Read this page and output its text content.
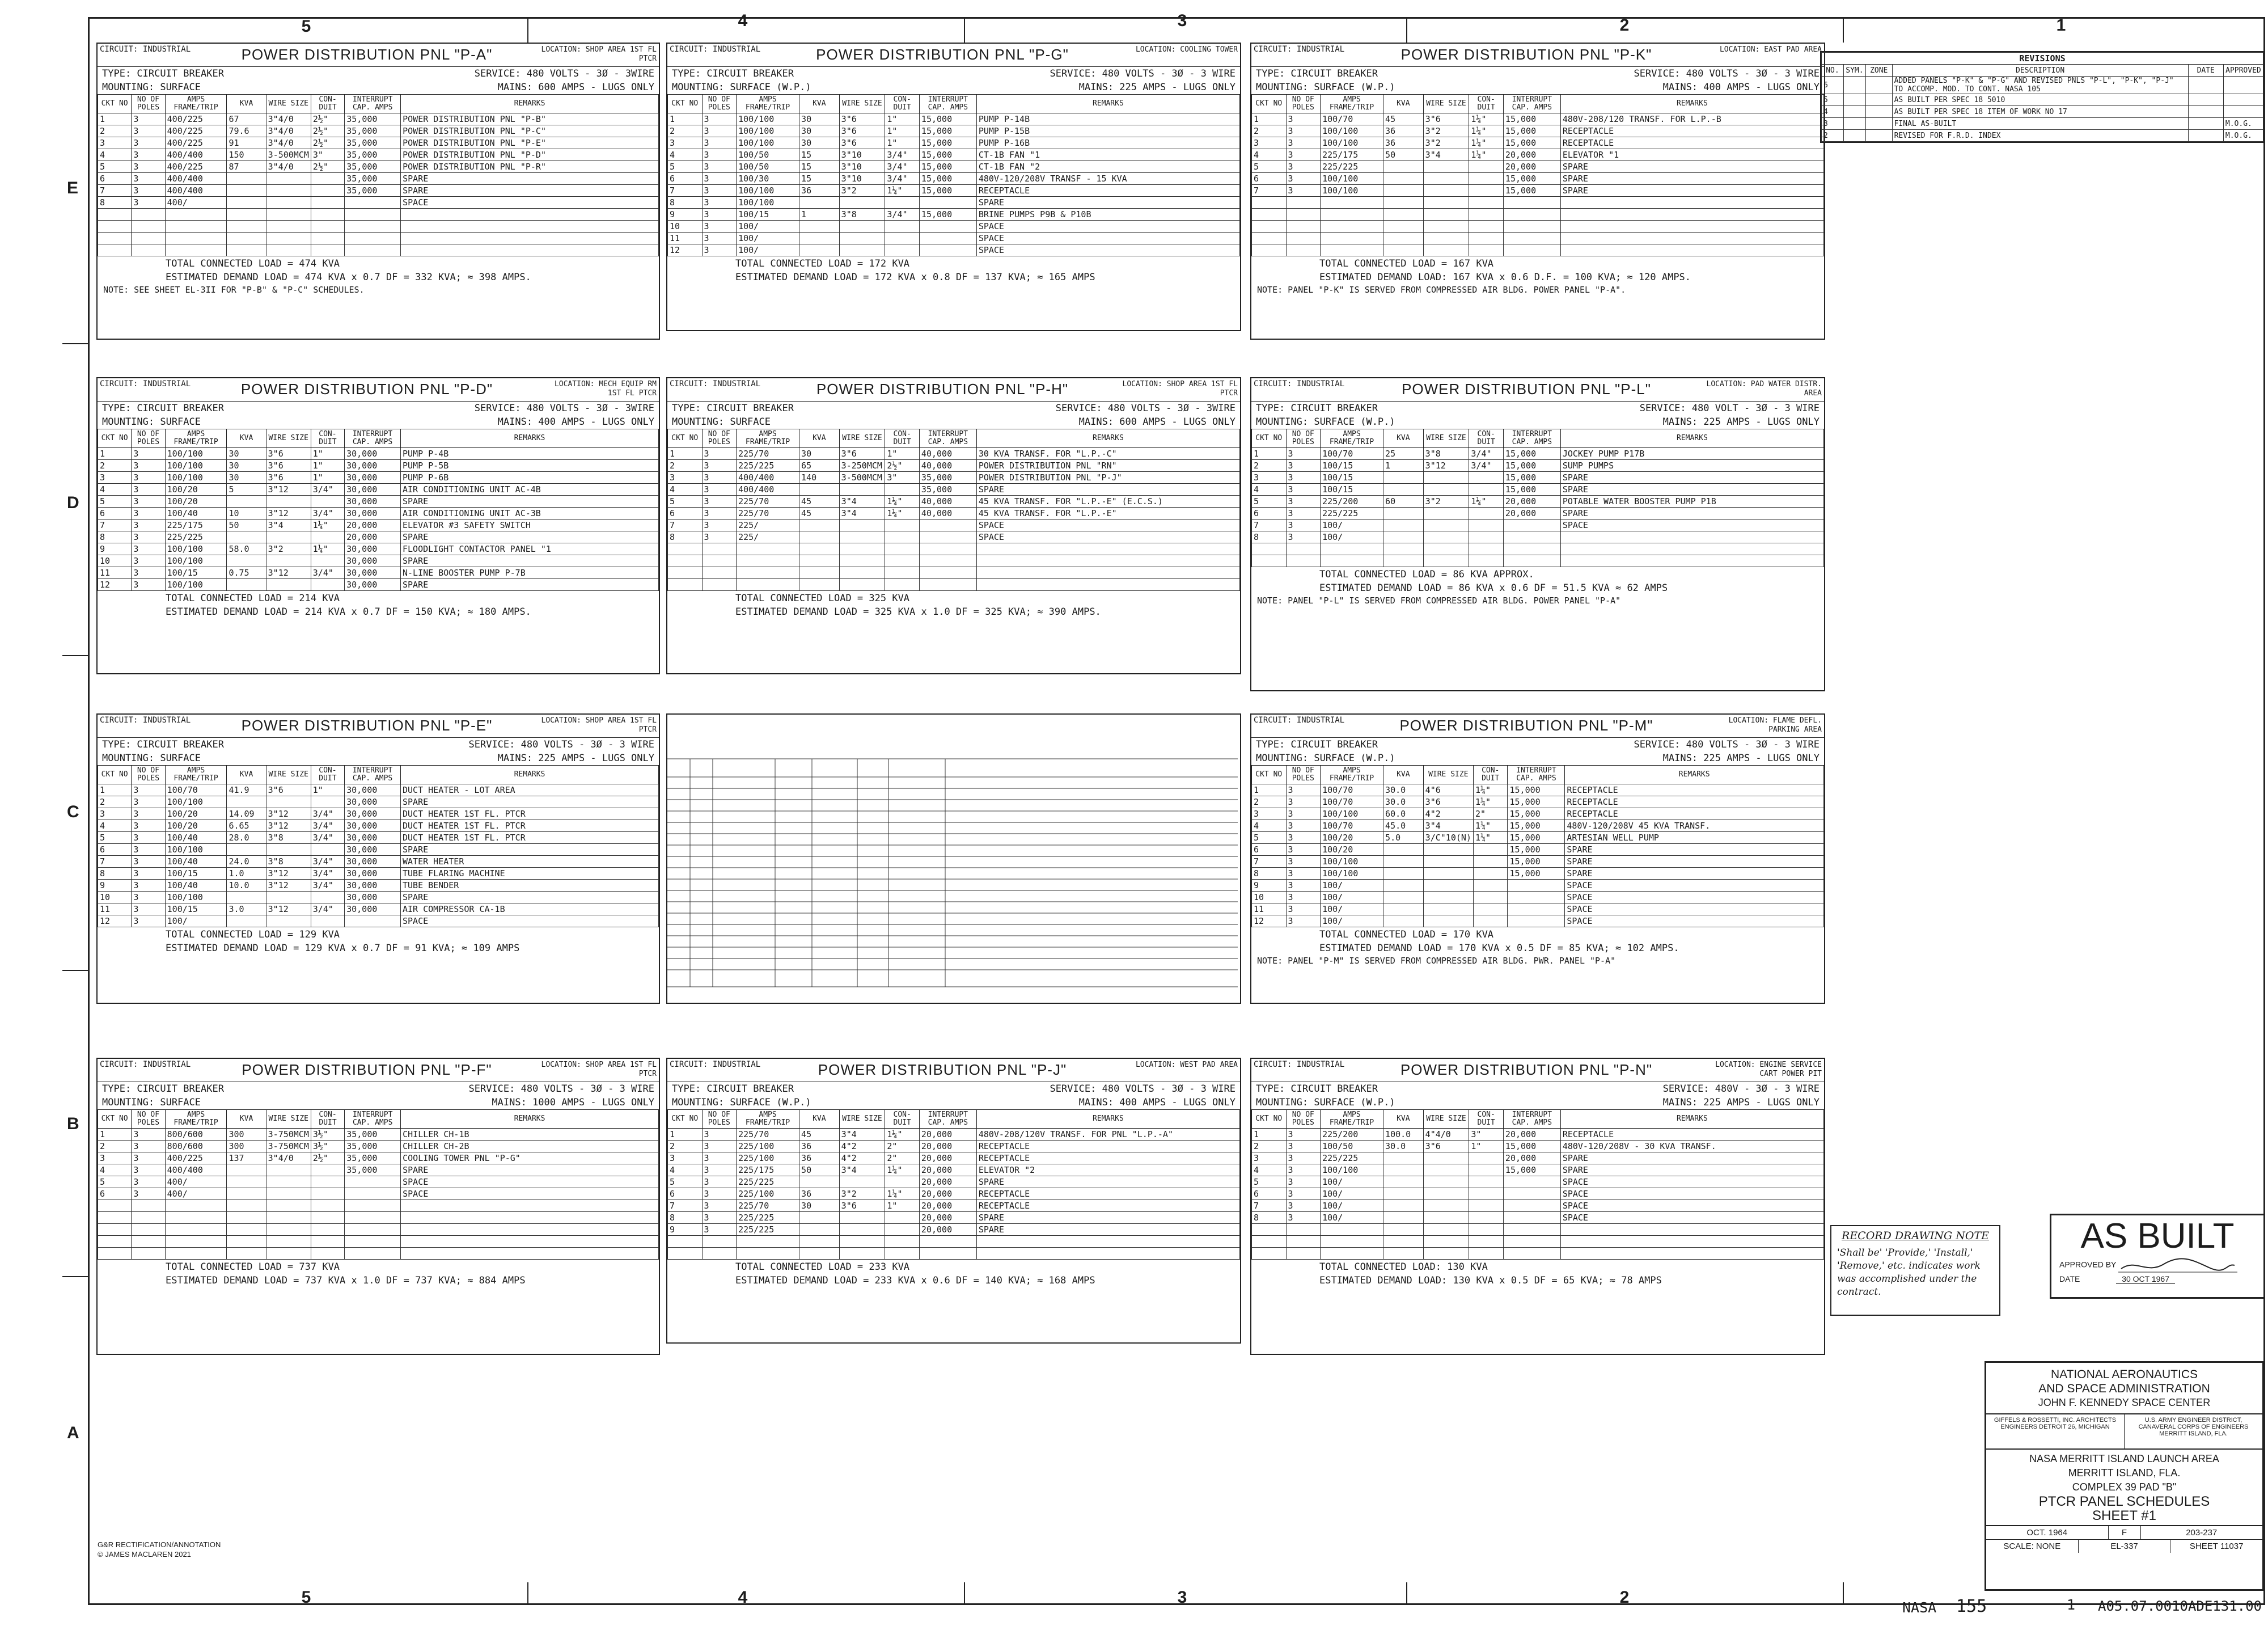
5	4	3	2	1
5	4	3	2
E
D
C
B
A
CIRCUIT: INDUSTRIAL	POWER DISTRIBUTION PNL "P-A"	LOCATION: SHOP AREA 1ST FL PTCR
TYPE: CIRCUIT BREAKER	SERVICE: 480 VOLTS - 3Ø - 3WIRE
MOUNTING: SURFACE	MAINS: 600 AMPS - LUGS ONLY
CKT NO	NO OF POLES	AMPS FRAME/TRIP	KVA	WIRE SIZE	CON- DUIT	INTERRUPT CAP. AMPS	REMARKS
1	3	400/225	67	3"4/0	2½"	35,000	POWER DISTRIBUTION PNL "P-B"
2	3	400/225	79.6	3"4/0	2½"	35,000	POWER DISTRIBUTION PNL "P-C"
3	3	400/225	91	3"4/0	2½"	35,000	POWER DISTRIBUTION PNL "P-E"
4	3	400/400	150	3-500MCM	3"	35,000	POWER DISTRIBUTION PNL "P-D"
5	3	400/225	87	3"4/0	2½"	35,000	POWER DISTRIBUTION PNL "P-R"
6	3	400/400				35,000	SPARE
7	3	400/400				35,000	SPARE
8	3	400/					SPACE

TOTAL CONNECTED LOAD = 474 KVA
ESTIMATED DEMAND LOAD = 474 KVA x 0.7 DF = 332 KVA; ≈ 398 AMPS.
NOTE: SEE SHEET EL-3II FOR "P-B" & "P-C" SCHEDULES.
CIRCUIT: INDUSTRIAL	POWER DISTRIBUTION PNL "P-G"	LOCATION: COOLING TOWER
TYPE: CIRCUIT BREAKER	SERVICE: 480 VOLTS - 3Ø - 3 WIRE
MOUNTING: SURFACE (W.P.)	MAINS: 225 AMPS - LUGS ONLY
CKT NO	NO OF POLES	AMPS FRAME/TRIP	KVA	WIRE SIZE	CON- DUIT	INTERRUPT CAP. AMPS	REMARKS
1	3	100/100	30	3"6	1"	15,000	PUMP P-14B
2	3	100/100	30	3"6	1"	15,000	PUMP P-15B
3	3	100/100	30	3"6	1"	15,000	PUMP P-16B
4	3	100/50	15	3"10	3/4"	15,000	CT-1B FAN "1
5	3	100/50	15	3"10	3/4"	15,000	CT-1B FAN "2
6	3	100/30	15	3"10	3/4"	15,000	480V-120/208V TRANSF - 15 KVA
7	3	100/100	36	3"2	1¼"	15,000	RECEPTACLE
8	3	100/100					SPARE
9	3	100/15	1	3"8	3/4"	15,000	BRINE PUMPS P9B & P10B
10	3	100/					SPACE
11	3	100/					SPACE
12	3	100/					SPACE
TOTAL CONNECTED LOAD = 172 KVA
ESTIMATED DEMAND LOAD = 172 KVA x 0.8 DF = 137 KVA; ≈ 165 AMPS
CIRCUIT: INDUSTRIAL	POWER DISTRIBUTION PNL "P-K"	LOCATION: EAST PAD AREA
TYPE: CIRCUIT BREAKER	SERVICE: 480 VOLTS - 3Ø - 3 WIRE
MOUNTING: SURFACE (W.P.)	MAINS: 400 AMPS - LUGS ONLY
CKT NO	NO OF POLES	AMPS FRAME/TRIP	KVA	WIRE SIZE	CON- DUIT	INTERRUPT CAP. AMPS	REMARKS
1	3	100/70	45	3"6	1¼"	15,000	480V-208/120 TRANSF. FOR L.P.-B
2	3	100/100	36	3"2	1¼"	15,000	RECEPTACLE
3	3	100/100	36	3"2	1¼"	15,000	RECEPTACLE
4	3	225/175	50	3"4	1¼"	20,000	ELEVATOR "1
5	3	225/225				20,000	SPARE
6	3	100/100				15,000	SPARE
7	3	100/100				15,000	SPARE

TOTAL CONNECTED LOAD = 167 KVA
ESTIMATED DEMAND LOAD: 167 KVA x 0.6 D.F. = 100 KVA; ≈ 120 AMPS.
NOTE: PANEL "P-K" IS SERVED FROM COMPRESSED AIR BLDG. POWER PANEL "P-A".
CIRCUIT: INDUSTRIAL	POWER DISTRIBUTION PNL "P-D"	LOCATION: MECH EQUIP RM 1ST FL PTCR
TYPE: CIRCUIT BREAKER	SERVICE: 480 VOLTS - 3Ø - 3WIRE
MOUNTING: SURFACE	MAINS: 400 AMPS - LUGS ONLY
CKT NO	NO OF POLES	AMPS FRAME/TRIP	KVA	WIRE SIZE	CON- DUIT	INTERRUPT CAP. AMPS	REMARKS
1	3	100/100	30	3"6	1"	30,000	PUMP P-4B
2	3	100/100	30	3"6	1"	30,000	PUMP P-5B
3	3	100/100	30	3"6	1"	30,000	PUMP P-6B
4	3	100/20	5	3"12	3/4"	30,000	AIR CONDITIONING UNIT AC-4B
5	3	100/20				30,000	SPARE
6	3	100/40	10	3"12	3/4"	30,000	AIR CONDITIONING UNIT AC-3B
7	3	225/175	50	3"4	1¼"	20,000	ELEVATOR #3 SAFETY SWITCH
8	3	225/225				20,000	SPARE
9	3	100/100	58.0	3"2	1¼"	30,000	FLOODLIGHT CONTACTOR PANEL "1
10	3	100/100				30,000	SPARE
11	3	100/15	0.75	3"12	3/4"	30,000	N-LINE BOOSTER PUMP P-7B
12	3	100/100				30,000	SPARE
TOTAL CONNECTED LOAD = 214 KVA
ESTIMATED DEMAND LOAD = 214 KVA x 0.7 DF = 150 KVA; ≈ 180 AMPS.
CIRCUIT: INDUSTRIAL	POWER DISTRIBUTION PNL "P-H"	LOCATION: SHOP AREA 1ST FL PTCR
TYPE: CIRCUIT BREAKER	SERVICE: 480 VOLTS - 3Ø - 3WIRE
MOUNTING: SURFACE	MAINS: 600 AMPS - LUGS ONLY
CKT NO	NO OF POLES	AMPS FRAME/TRIP	KVA	WIRE SIZE	CON- DUIT	INTERRUPT CAP. AMPS	REMARKS
1	3	225/70	30	3"6	1"	40,000	30 KVA TRANSF. FOR "L.P.-C"
2	3	225/225	65	3-250MCM	2½"	40,000	POWER DISTRIBUTION PNL "RN"
3	3	400/400	140	3-500MCM	3"	35,000	POWER DISTRIBUTION PNL "P-J"
4	3	400/400				35,000	SPARE
5	3	225/70	45	3"4	1¼"	40,000	45 KVA TRANSF. FOR "L.P.-E" (E.C.S.)
6	3	225/70	45	3"4	1¼"	40,000	45 KVA TRANSF. FOR "L.P.-E"
7	3	225/					SPACE
8	3	225/					SPACE

TOTAL CONNECTED LOAD = 325 KVA
ESTIMATED DEMAND LOAD = 325 KVA x 1.0 DF = 325 KVA; ≈ 390 AMPS.
CIRCUIT: INDUSTRIAL	POWER DISTRIBUTION PNL "P-L"	LOCATION: PAD WATER DISTR. AREA
TYPE: CIRCUIT BREAKER	SERVICE: 480 VOLT - 3Ø - 3 WIRE
MOUNTING: SURFACE (W.P.)	MAINS: 225 AMPS - LUGS ONLY
CKT NO	NO OF POLES	AMPS FRAME/TRIP	KVA	WIRE SIZE	CON- DUIT	INTERRUPT CAP. AMPS	REMARKS
1	3	100/70	25	3"8	3/4"	15,000	JOCKEY PUMP P17B
2	3	100/15	1	3"12	3/4"	15,000	SUMP PUMPS
3	3	100/15				15,000	SPARE
4	3	100/15				15,000	SPARE
5	3	225/200	60	3"2	1¼"	20,000	POTABLE WATER BOOSTER PUMP P1B
6	3	225/225				20,000	SPARE
7	3	100/					SPACE
8	3	100/					

TOTAL CONNECTED LOAD = 86 KVA APPROX.
ESTIMATED DEMAND LOAD = 86 KVA x 0.6 DF = 51.5 KVA ≈ 62 AMPS
NOTE: PANEL "P-L" IS SERVED FROM COMPRESSED AIR BLDG. POWER PANEL "P-A"
CIRCUIT: INDUSTRIAL	POWER DISTRIBUTION PNL "P-E"	LOCATION: SHOP AREA 1ST FL PTCR
TYPE: CIRCUIT BREAKER	SERVICE: 480 VOLTS - 3Ø - 3 WIRE
MOUNTING: SURFACE	MAINS: 225 AMPS - LUGS ONLY
CKT NO	NO OF POLES	AMPS FRAME/TRIP	KVA	WIRE SIZE	CON- DUIT	INTERRUPT CAP. AMPS	REMARKS
1	3	100/70	41.9	3"6	1"	30,000	DUCT HEATER - LOT AREA
2	3	100/100				30,000	SPARE
3	3	100/20	14.09	3"12	3/4"	30,000	DUCT HEATER 1ST FL. PTCR
4	3	100/20	6.65	3"12	3/4"	30,000	DUCT HEATER 1ST FL. PTCR
5	3	100/40	28.0	3"8	3/4"	30,000	DUCT HEATER 1ST FL. PTCR
6	3	100/100				30,000	SPARE
7	3	100/40	24.0	3"8	3/4"	30,000	WATER HEATER
8	3	100/15	1.0	3"12	3/4"	30,000	TUBE FLARING MACHINE
9	3	100/40	10.0	3"12	3/4"	30,000	TUBE BENDER
10	3	100/100				30,000	SPARE
11	3	100/15	3.0	3"12	3/4"	30,000	AIR COMPRESSOR CA-1B
12	3	100/					SPACE
TOTAL CONNECTED LOAD = 129 KVA
ESTIMATED DEMAND LOAD = 129 KVA x 0.7 DF = 91 KVA; ≈ 109 AMPS
CIRCUIT: INDUSTRIAL	POWER DISTRIBUTION PNL "P-M"	LOCATION: FLAME DEFL. PARKING AREA
TYPE: CIRCUIT BREAKER	SERVICE: 480 VOLTS - 3Ø - 3 WIRE
MOUNTING: SURFACE (W.P.)	MAINS: 225 AMPS - LUGS ONLY
CKT NO	NO OF POLES	AMPS FRAME/TRIP	KVA	WIRE SIZE	CON- DUIT	INTERRUPT CAP. AMPS	REMARKS
1	3	100/70	30.0	4"6	1¼"	15,000	RECEPTACLE
2	3	100/70	30.0	3"6	1¼"	15,000	RECEPTACLE
3	3	100/100	60.0	4"2	2"	15,000	RECEPTACLE
4	3	100/70	45.0	3"4	1¼"	15,000	480V-120/208V 45 KVA TRANSF.
5	3	100/20	5.0	3/C"10(N)	1¼"	15,000	ARTESIAN WELL PUMP
6	3	100/20				15,000	SPARE
7	3	100/100				15,000	SPARE
8	3	100/100				15,000	SPARE
9	3	100/					SPACE
10	3	100/					SPACE
11	3	100/					SPACE
12	3	100/					SPACE
TOTAL CONNECTED LOAD = 170 KVA
ESTIMATED DEMAND LOAD = 170 KVA x 0.5 DF = 85 KVA; ≈ 102 AMPS.
NOTE: PANEL "P-M" IS SERVED FROM COMPRESSED AIR BLDG. PWR. PANEL "P-A"
CIRCUIT: INDUSTRIAL	POWER DISTRIBUTION PNL "P-F"	LOCATION: SHOP AREA 1ST FL PTCR
TYPE: CIRCUIT BREAKER	SERVICE: 480 VOLTS - 3Ø - 3 WIRE
MOUNTING: SURFACE	MAINS: 1000 AMPS - LUGS ONLY
CKT NO	NO OF POLES	AMPS FRAME/TRIP	KVA	WIRE SIZE	CON- DUIT	INTERRUPT CAP. AMPS	REMARKS
1	3	800/600	300	3-750MCM	3½"	35,000	CHILLER CH-1B
2	3	800/600	300	3-750MCM	3½"	35,000	CHILLER CH-2B
3	3	400/225	137	3"4/0	2½"	35,000	COOLING TOWER PNL "P-G"
4	3	400/400				35,000	SPARE
5	3	400/					SPACE
6	3	400/					SPACE

TOTAL CONNECTED LOAD = 737 KVA
ESTIMATED DEMAND LOAD = 737 KVA x 1.0 DF = 737 KVA; ≈ 884 AMPS
CIRCUIT: INDUSTRIAL	POWER DISTRIBUTION PNL "P-J"	LOCATION: WEST PAD AREA
TYPE: CIRCUIT BREAKER	SERVICE: 480 VOLTS - 3Ø - 3 WIRE
MOUNTING: SURFACE (W.P.)	MAINS: 400 AMPS - LUGS ONLY
CKT NO	NO OF POLES	AMPS FRAME/TRIP	KVA	WIRE SIZE	CON- DUIT	INTERRUPT CAP. AMPS	REMARKS
1	3	225/70	45	3"4	1¼"	20,000	480V-208/120V TRANSF. FOR PNL "L.P.-A"
2	3	225/100	36	4"2	2"	20,000	RECEPTACLE
3	3	225/100	36	4"2	2"	20,000	RECEPTACLE
4	3	225/175	50	3"4	1¼"	20,000	ELEVATOR "2
5	3	225/225				20,000	SPARE
6	3	225/100	36	3"2	1¼"	20,000	RECEPTACLE
7	3	225/70	30	3"6	1"	20,000	RECEPTACLE
8	3	225/225				20,000	SPARE
9	3	225/225				20,000	SPARE

TOTAL CONNECTED LOAD = 233 KVA
ESTIMATED DEMAND LOAD = 233 KVA x 0.6 DF = 140 KVA; ≈ 168 AMPS
CIRCUIT: INDUSTRIAL	POWER DISTRIBUTION PNL "P-N"	LOCATION: ENGINE SERVICE CART POWER PIT
TYPE: CIRCUIT BREAKER	SERVICE: 480V - 3Ø - 3 WIRE
MOUNTING: SURFACE (W.P.)	MAINS: 225 AMPS - LUGS ONLY
CKT NO	NO OF POLES	AMPS FRAME/TRIP	KVA	WIRE SIZE	CON- DUIT	INTERRUPT CAP. AMPS	REMARKS
1	3	225/200	100.0	4"4/0	3"	20,000	RECEPTACLE
2	3	100/50	30.0	3"6	1"	15,000	480V-120/208V - 30 KVA TRANSF.
3	3	225/225				20,000	SPARE
4	3	100/100				15,000	SPARE
5	3	100/					SPACE
6	3	100/					SPACE
7	3	100/					SPACE
8	3	100/					SPACE

TOTAL CONNECTED LOAD: 130 KVA
ESTIMATED DEMAND LOAD: 130 KVA x 0.5 DF = 65 KVA; ≈ 78 AMPS
REVISIONS					
NO.	SYM.	ZONE	DESCRIPTION	DATE	APPROVED
6			ADDED PANELS "P-K" & "P-G" AND REVISED PNLS "P-L", "P-K", "P-J" TO ACCOMP. MOD. TO CONT. NASA 105		
5			AS BUILT PER SPEC 18 5010		
4			AS BUILT PER SPEC 18 ITEM OF WORK NO 17		
3			FINAL AS-BUILT		M.O.G.
2			REVISED FOR F.R.D. INDEX		M.O.G.
RECORD DRAWING NOTE
'Shall be' 'Provide,' 'Install,' 'Remove,' etc. indicates work was accomplished under the contract.
AS BUILT
APPROVED BY
DATE	30 OCT 1967
NATIONAL AERONAUTICS
AND SPACE ADMINISTRATION
JOHN F. KENNEDY SPACE CENTER
GIFFELS & ROSSETTI, INC. ARCHITECTS ENGINEERS DETROIT 26, MICHIGAN
U.S. ARMY ENGINEER DISTRICT, CANAVERAL CORPS OF ENGINEERS MERRITT ISLAND, FLA.
NASA MERRITT ISLAND LAUNCH AREA
MERRITT ISLAND, FLA.
COMPLEX 39 PAD "B"
PTCR PANEL SCHEDULES
SHEET #1
OCT. 1964	F	203-237
SCALE: NONE	EL-337	SHEET 11037
G&R RECTIFICATION/ANNOTATION
© JAMES MACLAREN 2021
NASA 155	1 A05.07.0010ADE131.00
